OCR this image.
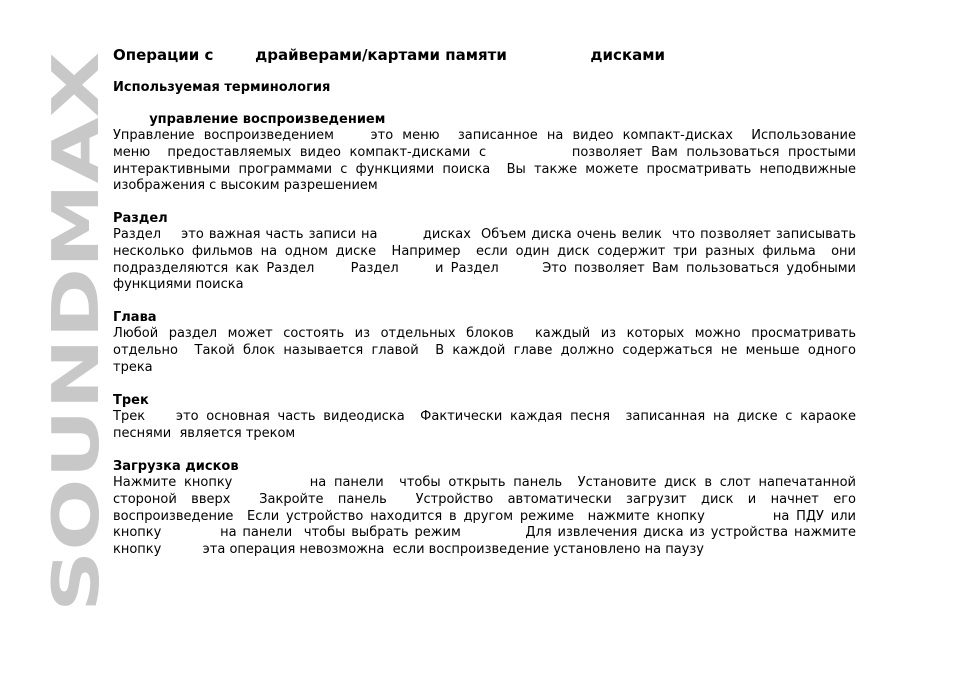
SOUNDMAX
Операции с        драйверами/картами памяти                дисками
Используемая терминология
управление воспроизведением

Управление воспроизведением    это меню  записанное на видео компакт-дисках  Использование
меню  предоставляемых видео компакт-дисками с          позволяет Вам пользоваться простыми
интерактивными программами с функциями поиска  Вы также можете просматривать неподвижные
изображения с высоким разрешением

Раздел

Раздел    это важная часть записи на         дисках  Объем диска очень велик  что позволяет записывать
несколько фильмов на одном диске  Например  если один диск содержит три разных фильма  они
подразделяются как Раздел     Раздел     и Раздел      Это позволяет Вам пользоваться удобными
функциями поиска

Глава

Любой раздел может состоять из отдельных блоков  каждый из которых можно просматривать
отдельно  Такой блок называется главой  В каждой главе должно содержаться не меньше одного
трека

Трек

Трек    это основная часть видеодиска  Фактически каждая песня  записанная на диске с караоке
песнями  является треком

Загрузка дисков

Нажмите кнопку          на панели  чтобы открыть панель  Установите диск в слот напечатанной
стороной вверх  Закройте панель  Устройство автоматически загрузит диск и начнет его
воспроизведение  Если устройство находится в другом режиме  нажмите кнопку          на ПДУ или
кнопку          на панели  чтобы выбрать режим           Для извлечения диска из устройства нажмите
кнопку          эта операция невозможна  если воспроизведение установлено на паузу
